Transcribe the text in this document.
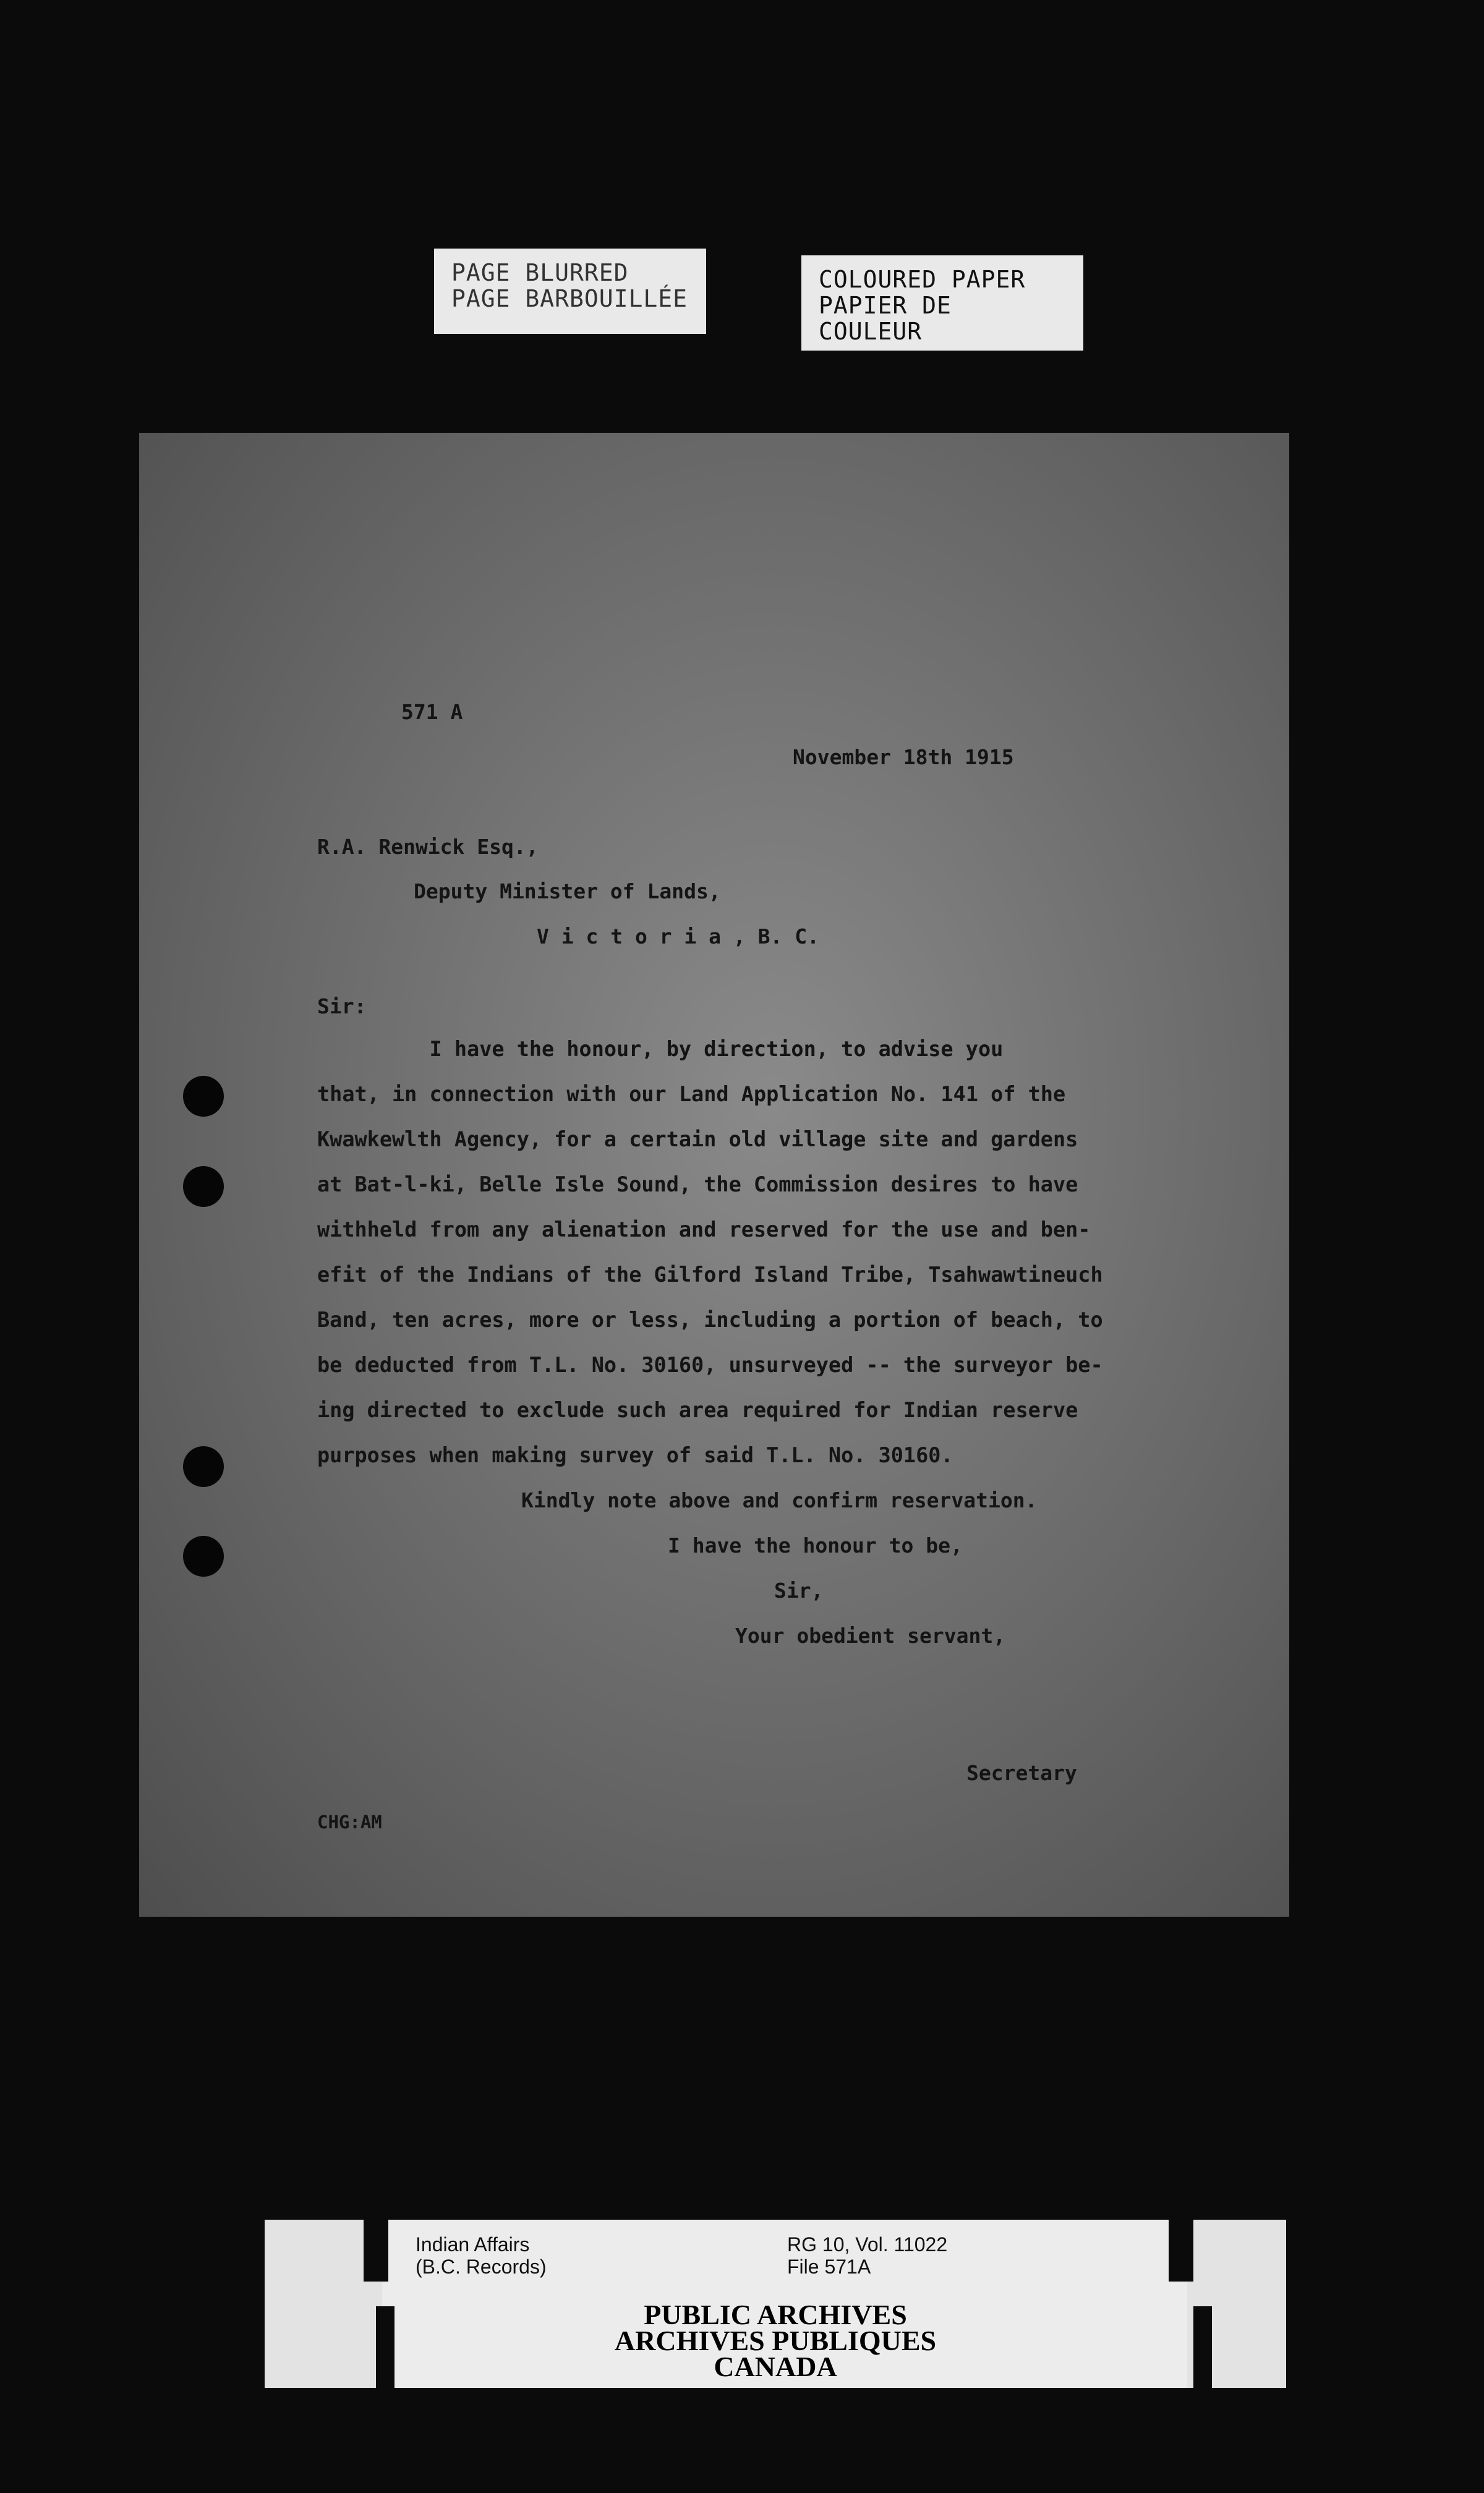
PAGE BLURRED
PAGE BARBOUILLÉE
COLOURED PAPER
PAPIER DE COULEUR
571 A
November 18th 1915
R.A. Renwick Esq.,
Deputy Minister of Lands,
V i c t o r i a , B. C.
Sir:
I have the honour, by direction, to advise you
that, in connection with our Land Application No. 141 of the
Kwawkewlth Agency, for a certain old village site and gardens
at Bat-l-ki, Belle Isle Sound, the Commission desires to have
withheld from any alienation and reserved for the use and ben-
efit of the Indians of the Gilford Island Tribe, Tsahwawtineuch
Band, ten acres, more or less, including a portion of beach, to
be deducted from T.L. No. 30160, unsurveyed -- the surveyor be-
ing directed to exclude such area required for Indian reserve
purposes when making survey of said T.L. No. 30160.
Kindly note above and confirm reservation.
I have the honour to be,
Sir,
Your obedient servant,
Secretary
CHG:AM
Indian Affairs
(B.C. Records)
RG 10, Vol. 11022
File 571A
PUBLIC ARCHIVES
ARCHIVES PUBLIQUES
CANADA
